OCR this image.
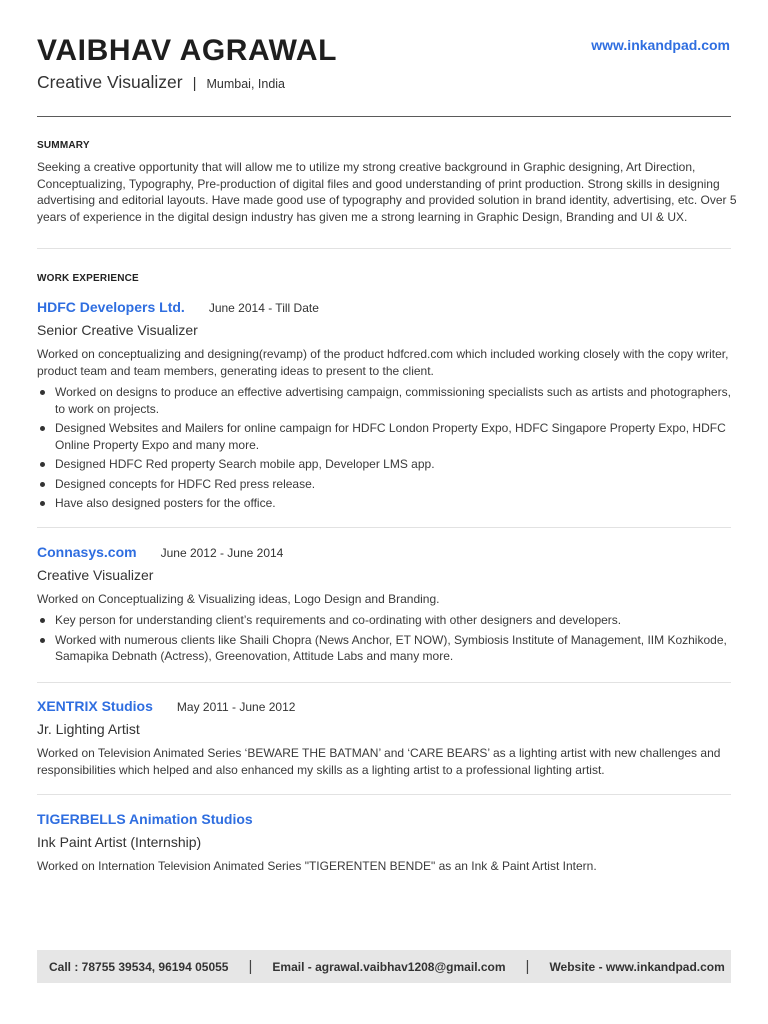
VAIBHAV AGRAWAL	www.inkandpad.com
Creative Visualizer | Mumbai, India
SUMMARY
Seeking a creative opportunity that will allow me to utilize my strong creative background in Graphic designing, Art Direction, Conceptualizing, Typography, Pre-production of digital files and good understanding of print production. Strong skills in designing advertising and editorial layouts. Have made good use of typography and provided solution in brand identity, advertising, etc. Over 5 years of experience in the digital design industry has given me a strong learning in Graphic Design, Branding and UI & UX.
WORK EXPERIENCE
HDFC Developers Ltd. June 2014 - Till Date
Senior Creative Visualizer
Worked on conceptualizing and designing(revamp) of the product hdfcred.com which included working closely with the copy writer, product team and team members, generating ideas to present to the client.
Worked on designs to produce an effective advertising campaign, commissioning specialists such as artists and photographers, to work on projects.
Designed Websites and Mailers for online campaign for HDFC London Property Expo, HDFC Singapore Property Expo, HDFC Online Property Expo and many more.
Designed HDFC Red property Search mobile app, Developer LMS app.
Designed concepts for HDFC Red press release.
Have also designed posters for the office.
Connasys.com June 2012 - June 2014
Creative Visualizer
Worked on Conceptualizing & Visualizing ideas, Logo Design and Branding.
Key person for understanding client’s requirements and co-ordinating with other designers and developers.
Worked with numerous clients like Shaili Chopra (News Anchor, ET NOW), Symbiosis Institute of Management, IIM Kozhikode, Samapika Debnath (Actress), Greenovation, Attitude Labs and many more.
XENTRIX Studios May 2011 - June 2012
Jr. Lighting Artist
Worked on Television Animated Series ‘BEWARE THE BATMAN’ and ‘CARE BEARS’ as a lighting artist with new challenges and responsibilities which helped and also enhanced my skills as a lighting artist to a professional lighting artist.
TIGERBELLS Animation Studios
Ink Paint Artist (Internship)
Worked on Internation Television Animated Series "TIGERENTEN BENDE" as an Ink & Paint Artist Intern.
Call : 78755 39534, 96194 05055 | Email - agrawal.vaibhav1208@gmail.com | Website - www.inkandpad.com
